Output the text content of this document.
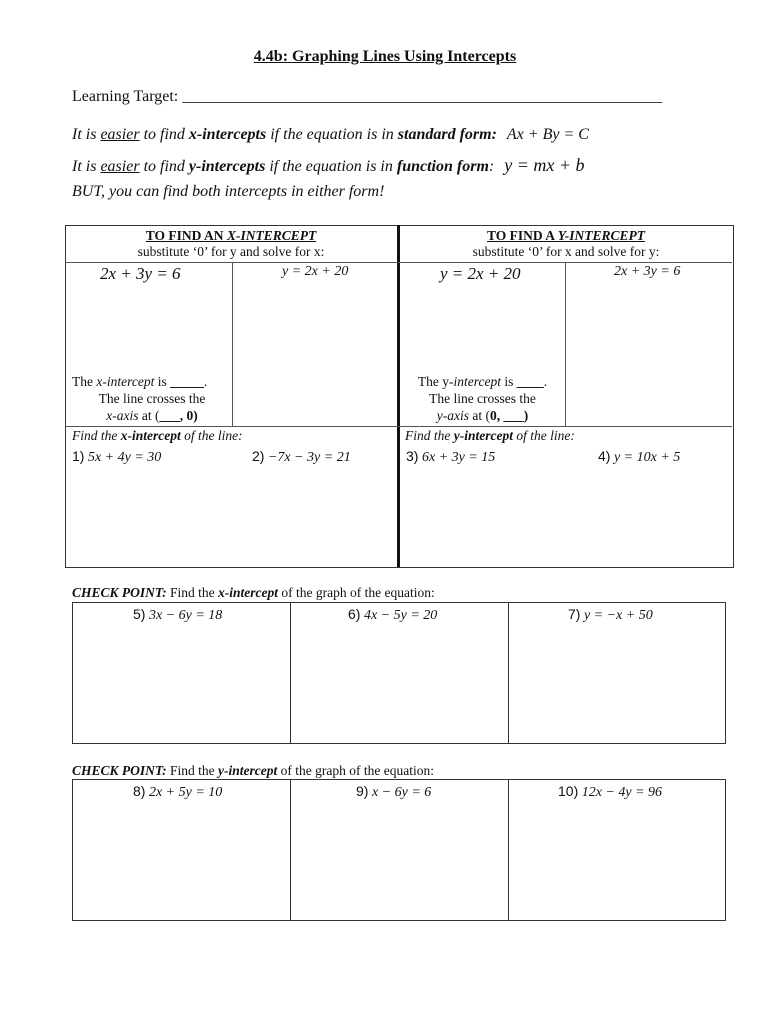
4.4b: Graphing Lines Using Intercepts
Learning Target: ____________________________________________________________
It is easier to find x-intercepts if the equation is in standard form: Ax + By = C
It is easier to find y-intercepts if the equation is in function form: y = mx + b
BUT, you can find both intercepts in either form!
TO FIND AN X-INTERCEPT
substitute ‘0’ for y and solve for x:
TO FIND A Y-INTERCEPT
substitute ‘0’ for x and solve for y:
2x + 3y = 6	y = 2x + 20	y = 2x + 20	2x + 3y = 6
The x-intercept is _____.
The line crosses the
x-axis at (___, 0)
The y-intercept is ____.
The line crosses the
y-axis at (0, ___)
Find the x-intercept of the line:	Find the y-intercept of the line:
1) 5x + 4y = 30	2) −7x − 3y = 21	3) 6x + 3y = 15	4) y = 10x + 5
CHECK POINT: Find the x-intercept of the graph of the equation:
5) 3x − 6y = 18	6) 4x − 5y = 20	7) y = −x + 50
CHECK POINT: Find the y-intercept of the graph of the equation:
8) 2x + 5y = 10	9) x − 6y = 6	10) 12x − 4y = 96
